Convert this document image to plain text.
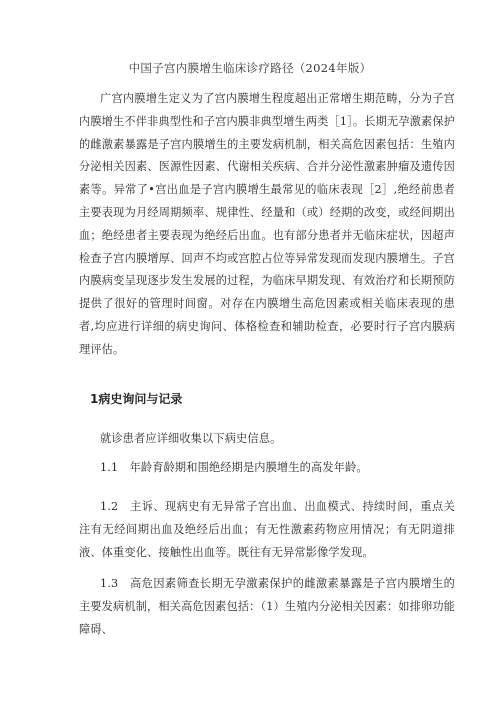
中国子宫内膜增生临床诊疗路径（2024年版）
广宫内膜增生定义为了宫内膜增生程度超出正常增生期范畴，分为子宫内膜增生不伴非典型性和子宫内膜非典型增生两类［1］。长期无孕激素保护的雌激素暴露是子宫内膜增生的主要发病机制，相关高危因素包括：生殖内分泌相关因素、医源性因素、代谢相关疾病、合并分泌性激素肿瘤及遗传因素等。异常了•宫出血是子宫内膜增生最常见的临床表现［2］,绝经前患者主要表现为月经周期频率、规律性、经量和（或）经期的改变，或经间期出血；绝经患者主要表现为绝经后出血。也有部分患者并无临床症状，因超声检查子宫内膜增厚、回声不均或宫腔占位等异常发现而发现内膜增生。子宫内膜病变呈现逐步发生发展的过程，为临床早期发现、有效治疗和长期预防提供了很好的管理时间窗。对存在内膜增生高危因素或相关临床表现的患者,均应进行详细的病史询问、体格检查和辅助检查，必要时行子宫内膜病理评估。
1病史询问与记录
就诊患者应详细收集以下病史信息。
1.1　年龄育龄期和围绝经期是内膜增生的高发年龄。
1.2　主诉、现病史有无异常子宫出血、出血模式、持续时间，重点关注有无经间期出血及绝经后出血；有无性激素药物应用情况；有无阴道排液、体重变化、接触性出血等。既往有无异常影像学发现。
1.3　高危因素筛查长期无孕激素保护的雌激素暴露是子宫内膜增生的主要发病机制，相关高危因素包括：（1）生殖内分泌相关因素：如排卵功能障碍、
